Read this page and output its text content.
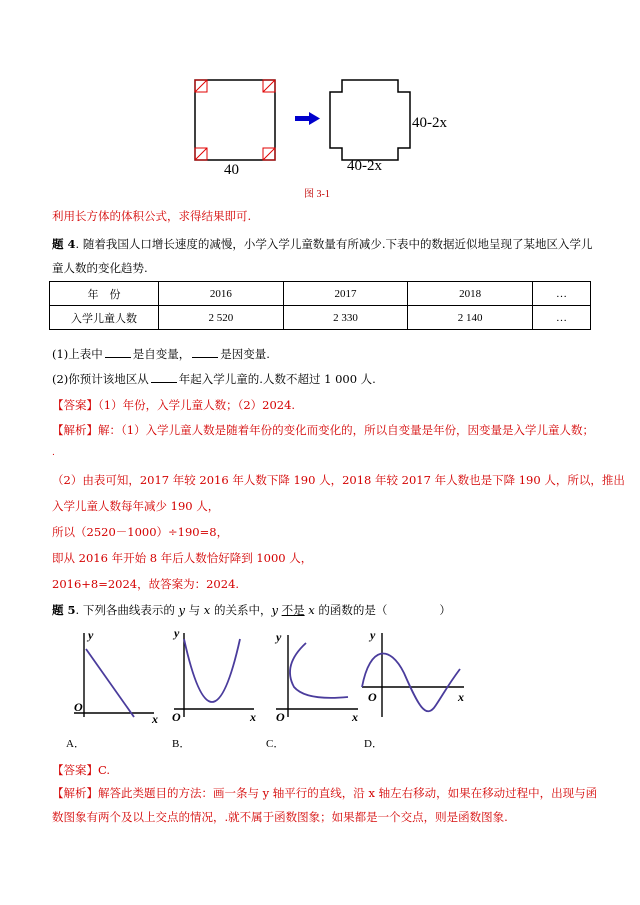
40
40-2x
40-2x
图 3-1
利用长方体的体积公式，求得结果即可.
题 4. 随着我国人口增长速度的减慢，小学入学儿童数量有所减少.下表中的数据近似地呈现了某地区入学儿
童人数的变化趋势.
年　份	2016	2017	2018	…
入学儿童人数	2 520	2 330	2 140	…
(1)上表中	是自变量，	是因变量.
(2)你预计该地区从	年起入学儿童的.人数不超过 1 000 人.
【答案】（1）年份，入学儿童人数；（2）2024.
【解析】解：（1）入学儿童人数是随着年份的变化而变化的，所以自变量是年份，因变量是入学儿童人数；
.
（2）由表可知，2017 年较 2016 年人数下降 190 人，2018 年较 2017 年人数也是下降 190 人，所以，推出
入学儿童人数每年减少 190 人，
所以（2520－1000）÷190=8，
即从 2016 年开始 8 年后人数恰好降到 1000 人，
2016+8=2024，故答案为：2024.
题 5. 下列各曲线表示的 y 与 x 的关系中，y 不是 x 的函数的是（	）
y
x
O
A．
y
x
O
B．
y
x
O
C．
y
x
O
D．
【答案】C.
【解析】解答此类题目的方法：画一条与 y 轴平行的直线，沿 x 轴左右移动，如果在移动过程中，出现与函
数图象有两个及以上交点的情况，.就不属于函数图象；如果都是一个交点，则是函数图象.
